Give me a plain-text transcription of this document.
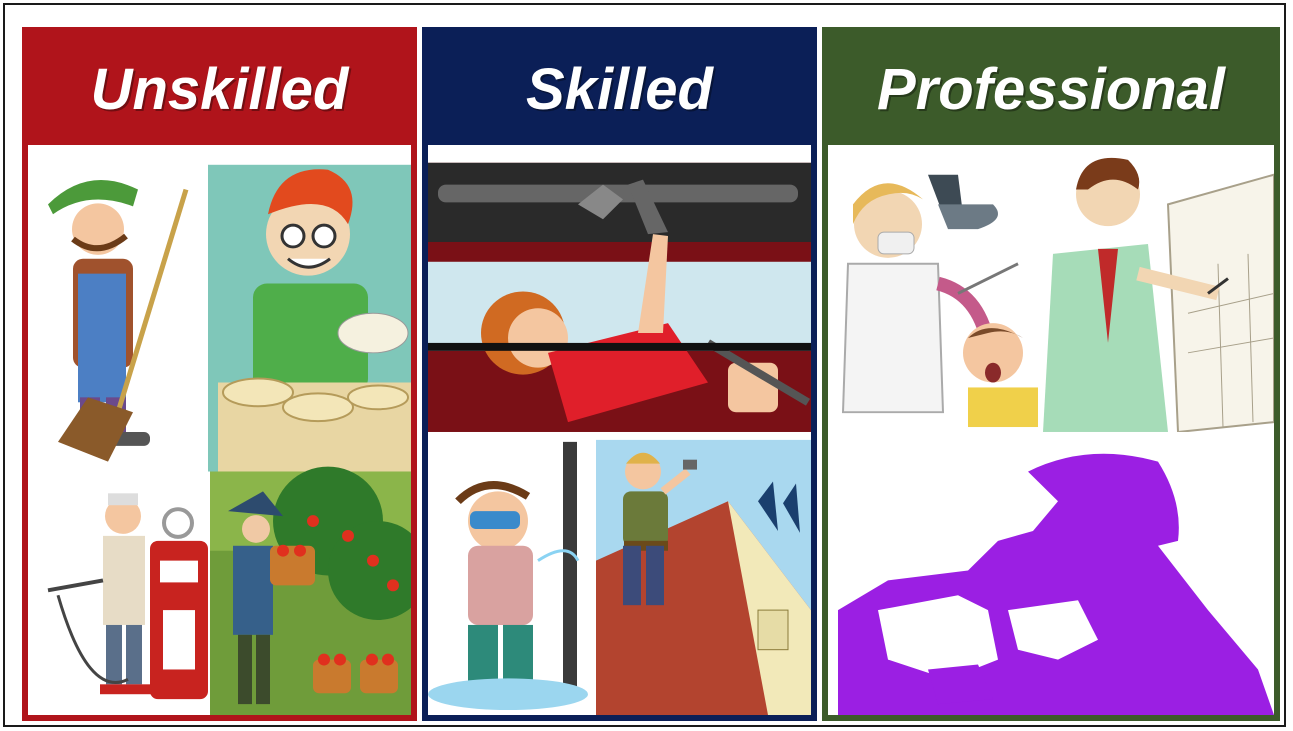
Unskilled	Skilled	Professional
